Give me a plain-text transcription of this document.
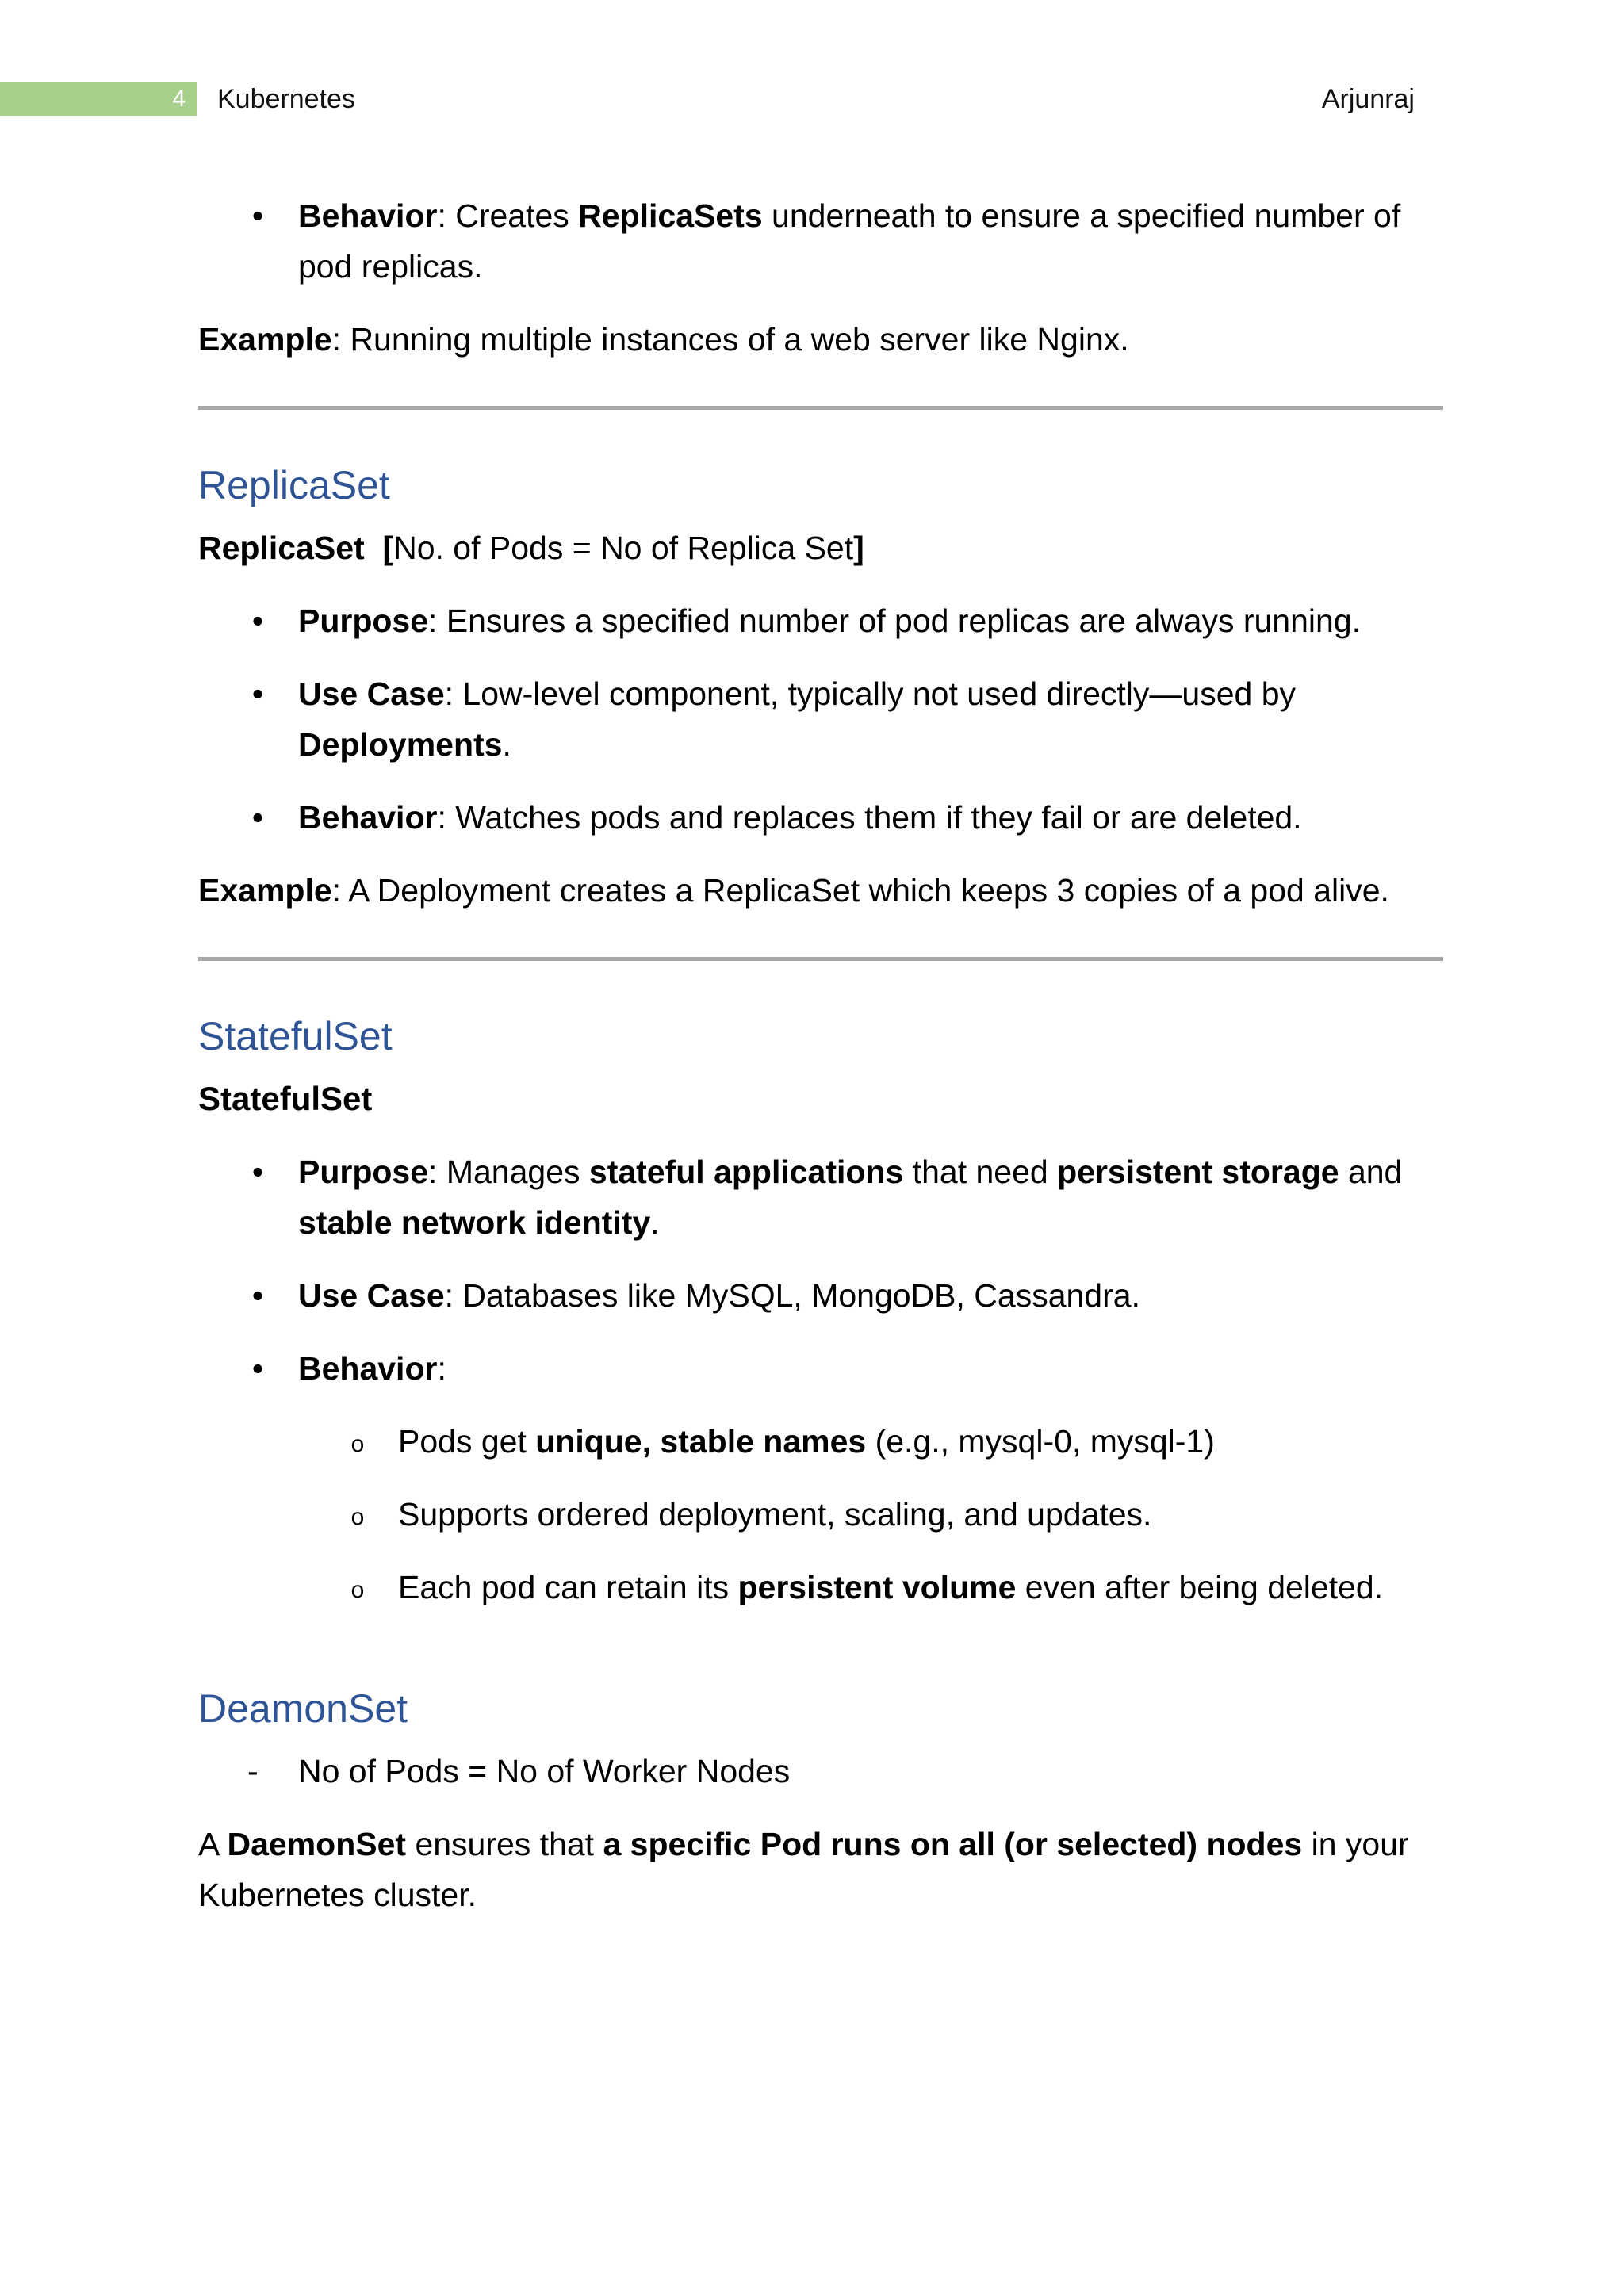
4 Kubernetes	Arjunraj
• Behavior: Creates ReplicaSets underneath to ensure a specified number of pod replicas.

Example: Running multiple instances of a web server like Nginx.

ReplicaSet

ReplicaSet [No. of Pods = No of Replica Set]

• Purpose: Ensures a specified number of pod replicas are always running.
• Use Case: Low-level component, typically not used directly—used by Deployments.
• Behavior: Watches pods and replaces them if they fail or are deleted.

Example: A Deployment creates a ReplicaSet which keeps 3 copies of a pod alive.

StatefulSet

StatefulSet

• Purpose: Manages stateful applications that need persistent storage and stable network identity.
• Use Case: Databases like MySQL, MongoDB, Cassandra.
• Behavior:
o Pods get unique, stable names (e.g., mysql-0, mysql-1)
o Supports ordered deployment, scaling, and updates.
o Each pod can retain its persistent volume even after being deleted.
DeamonSet
- No of Pods = No of Worker Nodes

A DaemonSet ensures that a specific Pod runs on all (or selected) nodes in your Kubernetes cluster.
